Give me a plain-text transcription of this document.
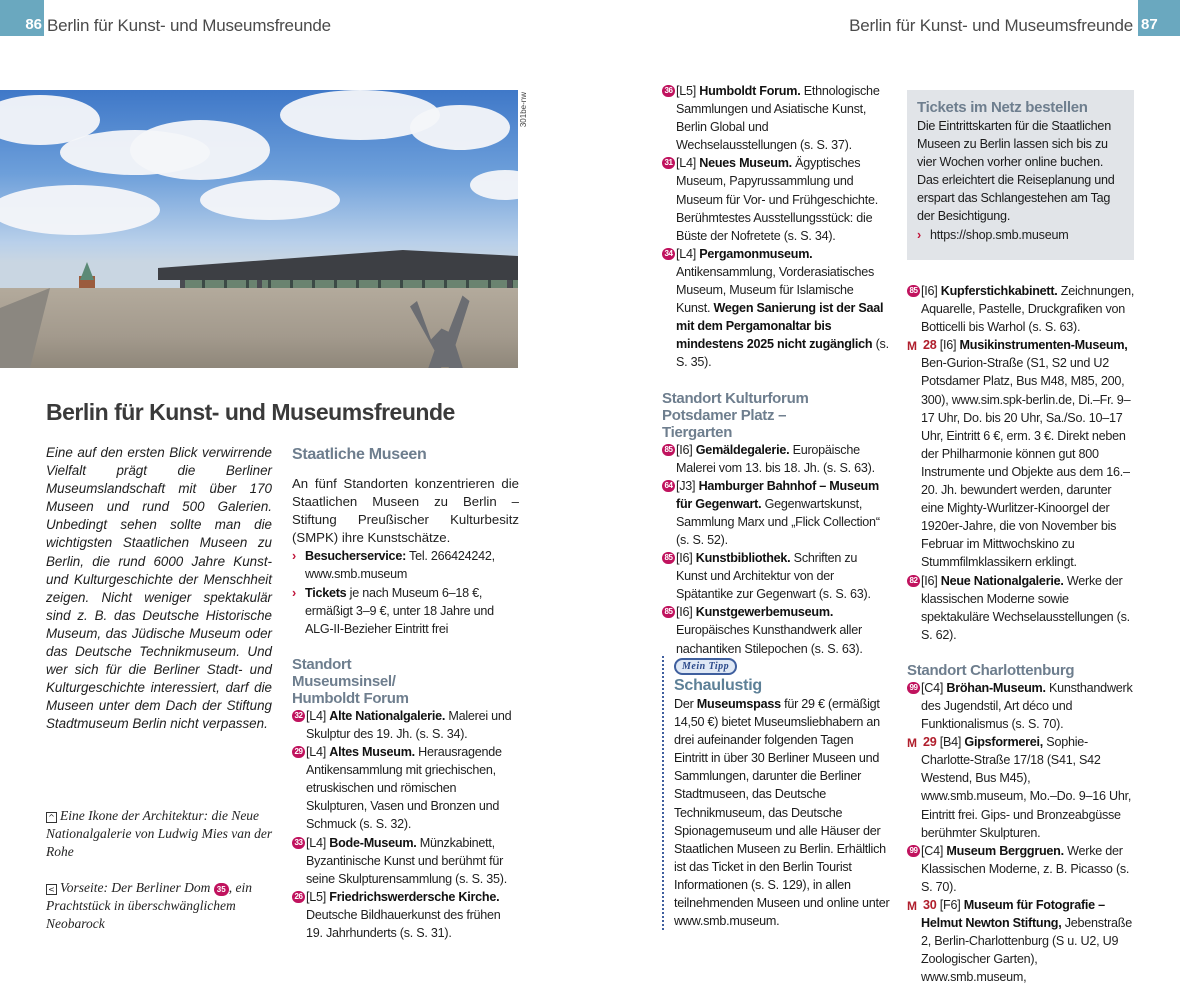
86 Berlin für Kunst- und Museumsfreunde	Berlin für Kunst- und Museumsfreunde 87
301be-nw
Berlin für Kunst- und Museumsfreunde

Eine auf den ersten Blick verwirrende Vielfalt prägt die Berliner Museumslandschaft mit über 170 Museen und rund 500 Galerien. Unbedingt sehen sollte man die wichtigsten Staatlichen Museen zu Berlin, die rund 6000 Jahre Kunst- und Kulturgeschichte der Menschheit zeigen. Nicht weniger spektakulär sind z. B. das Deutsche Historische Museum, das Jüdische Museum oder das Deutsche Technikmuseum. Und wer sich für die Berliner Stadt- und Kulturgeschichte interessiert, darf die Museen unter dem Dach der Stiftung Stadtmuseum Berlin nicht verpassen.

^ Eine Ikone der Architektur: die Neue Nationalgalerie von Ludwig Mies van der Rohe
< Vorseite: Der Berliner Dom 35 , ein Prachtstück in überschwänglichem Neobarock
Staatliche Museen

An fünf Standorten konzentrieren die Staatlichen Museen zu Berlin – Stiftung Preußischer Kulturbesitz (SMPK) ihre Kunstschätze.

› Besucherservice: Tel. 266424242, www.smb.museum
› Tickets je nach Museum 6–18 €, ermäßigt 3–9 €, unter 18 Jahre und ALG-II-Bezieher Eintritt frei
Standort Museumsinsel/ Humboldt Forum
32 [L4] Alte Nationalgalerie. Malerei und Skulptur des 19. Jh. (s. S. 34).
29 [L4] Altes Museum. Herausragende Antikensammlung mit griechischen, etruskischen und römischen Skulpturen, Vasen und Bronzen und Schmuck (s. S. 32).
33 [L4] Bode-Museum. Münzkabinett, Byzantinische Kunst und berühmt für seine Skulpturensammlung (s. S. 35).
26 [L5] Friedrichswerdersche Kirche. Deutsche Bildhauerkunst des frühen 19. Jahrhunderts (s. S. 31).
36 [L5] Humboldt Forum. Ethnologische Sammlungen und Asiatische Kunst, Berlin Global und Wechselausstellungen (s. S. 37).
31 [L4] Neues Museum. Ägyptisches Museum, Papyrussammlung und Museum für Vor- und Frühgeschichte. Berühmtestes Ausstellungsstück: die Büste der Nofretete (s. S. 34).
34 [L4] Pergamonmuseum. Antikensammlung, Vorderasiatisches Museum, Museum für Islamische Kunst. Wegen Sanierung ist der Saal mit dem Pergamonaltar bis mindestens 2025 nicht zugänglich (s. S. 35).
Standort Kulturforum Potsdamer Platz – Tiergarten
85 [I6] Gemäldegalerie. Europäische Malerei vom 13. bis 18. Jh. (s. S. 63).
64 [J3] Hamburger Bahnhof – Museum für Gegenwart. Gegenwartskunst, Sammlung Marx und „Flick Collection“ (s. S. 52).
85 [I6] Kunstbibliothek. Schriften zu Kunst und Architektur von der Spätantike zur Gegenwart (s. S. 63).
85 [I6] Kunstgewerbemuseum. Europäisches Kunsthandwerk aller nachantiken Stilepochen (s. S. 63).
Mein Tipp
Schaulustig

Der Museumspass für 29 € (ermäßigt 14,50 €) bietet Museumsliebhabern an drei aufeinander folgenden Tagen Eintritt in über 30 Berliner Museen und Sammlungen, darunter die Berliner Stadtmuseen, das Deutsche Technikmuseum, das Deutsche Spionagemuseum und alle Häuser der Staatlichen Museen zu Berlin. Erhältlich ist das Ticket in den Berlin Tourist Informationen (s. S. 129), in allen teilnehmenden Museen und online unter www.smb.museum.

Tickets im Netz bestellen

Die Eintrittskarten für die Staatlichen Museen zu Berlin lassen sich bis zu vier Wochen vorher online buchen. Das erleichtert die Reiseplanung und erspart das Schlangestehen am Tag der Besichtigung.

› https://shop.smb.museum
85 [I6] Kupferstichkabinett. Zeichnungen, Aquarelle, Pastelle, Druckgrafiken von Botticelli bis Warhol (s. S. 63).
M 28 [I6] Musikinstrumenten-Museum, Ben-Gurion-Straße (S1, S2 und U2 Potsdamer Platz, Bus M48, M85, 200, 300), www.sim.spk-berlin.de, Di.–Fr. 9–17 Uhr, Do. bis 20 Uhr, Sa./So. 10–17 Uhr, Eintritt 6 €, erm. 3 €. Direkt neben der Philharmonie können gut 800 Instrumente und Objekte aus dem 16.–20. Jh. bewundert werden, darunter eine Mighty-Wurlitzer-Kinoorgel der 1920er-Jahre, die von November bis Februar im Mittwochskino zu Stummfilmklassikern erklingt.
82 [I6] Neue Nationalgalerie. Werke der klassischen Moderne sowie spektakuläre Wechselausstellungen (s. S. 62).
Standort Charlottenburg
99 [C4] Bröhan-Museum. Kunsthandwerk des Jugendstil, Art déco und Funktionalismus (s. S. 70).
M 29 [B4] Gipsformerei, Sophie-Charlotte-Straße 17/18 (S41, S42 Westend, Bus M45), www.smb.museum, Mo.–Do. 9–16 Uhr, Eintritt frei. Gips- und Bronzeabgüsse berühmter Skulpturen.
99 [C4] Museum Berggruen. Werke der Klassischen Moderne, z. B. Picasso (s. S. 70).
M 30 [F6] Museum für Fotografie – Helmut Newton Stiftung, Jebenstraße 2, Berlin-Charlottenburg (S u. U2, U9 Zoologischer Garten), www.smb.museum,
